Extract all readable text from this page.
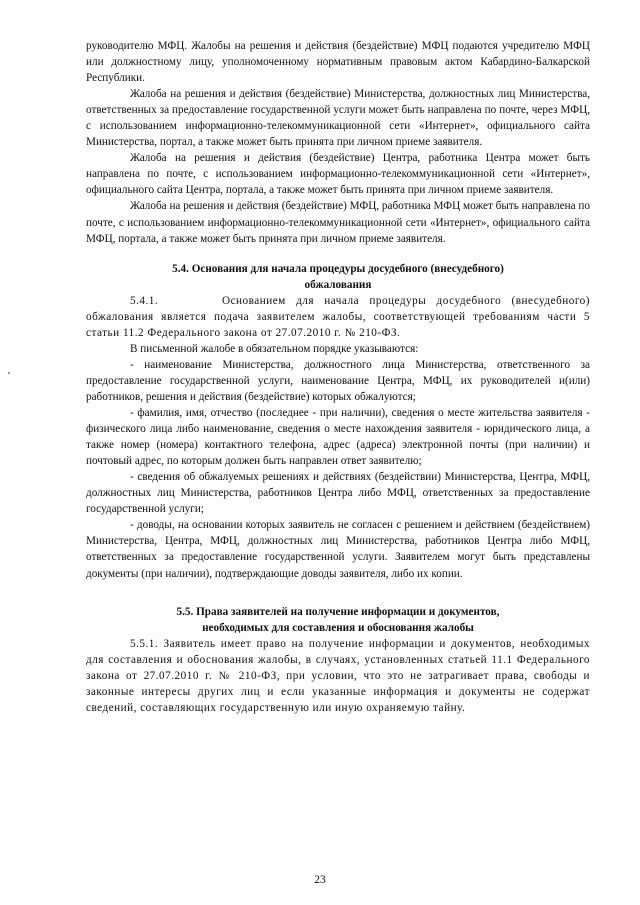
руководителю МФЦ. Жалобы на решения и действия (бездействие) МФЦ подаются учредителю МФЦ или должностному лицу, уполномоченному нормативным правовым актом Кабардино-Балкарской Республики.

Жалоба на решения и действия (бездействие) Министерства, должностных лиц Министерства, ответственных за предоставление государственной услуги может быть направлена по почте, через МФЦ, с использованием информационно-телекоммуникационной сети «Интернет», официального сайта Министерства, портал, а также может быть принята при личном приеме заявителя.

Жалоба на решения и действия (бездействие) Центра, работника Центра может быть направлена по почте, с использованием информационно-телекоммуникационной сети «Интернет», официального сайта Центра, портала, а также может быть принята при личном приеме заявителя.

Жалоба на решения и действия (бездействие) МФЦ, работника МФЦ может быть направлена по почте, с использованием информационно-телекоммуникационной сети «Интернет», официального сайта МФЦ, портала, а также может быть принята при личном приеме заявителя.

5.4. Основания для начала процедуры досудебного (внесудебного)
обжалования

5.4.1.	Основанием для начала процедуры досудебного (внесудебного) обжалования является подача заявителем жалобы, соответствующей требованиям части 5 статьи 11.2 Федерального закона от 27.07.2010 г. № 210-ФЗ.

В письменной жалобе в обязательном порядке указываются:

- наименование Министерства, должностного лица Министерства, ответственного за предоставление государственной услуги, наименование Центра, МФЦ, их руководителей и(или) работников, решения и действия (бездействие) которых обжалуются;

- фамилия, имя, отчество (последнее - при наличии), сведения о месте жительства заявителя - физического лица либо наименование, сведения о месте нахождения заявителя - юридического лица, а также номер (номера) контактного телефона, адрес (адреса) электронной почты (при наличии) и почтовый адрес, по которым должен быть направлен ответ заявителю;

- сведения об обжалуемых решениях и действиях (бездействии) Министерства, Центра, МФЦ, должностных лиц Министерства, работников Центра либо МФЦ, ответственных за предоставление государственной услуги;

- доводы, на основании которых заявитель не согласен с решением и действием (бездействием) Министерства, Центра, МФЦ, должностных лиц Министерства, работников Центра либо МФЦ, ответственных за предоставление государственной услуги. Заявителем могут быть представлены документы (при наличии), подтверждающие доводы заявителя, либо их копии.

5.5. Права заявителей на получение информации и документов,
необходимых для составления и обоснования жалобы

5.5.1. Заявитель имеет право на получение информации и документов, необходимых для составления и обоснования жалобы, в случаях, установленных статьей 11.1 Федерального закона от 27.07.2010 г. № 210-ФЗ, при условии, что это не затрагивает права, свободы и законные интересы других лиц и если указанные информация и документы не содержат сведений, составляющих государственную или иную охраняемую тайну.

23
